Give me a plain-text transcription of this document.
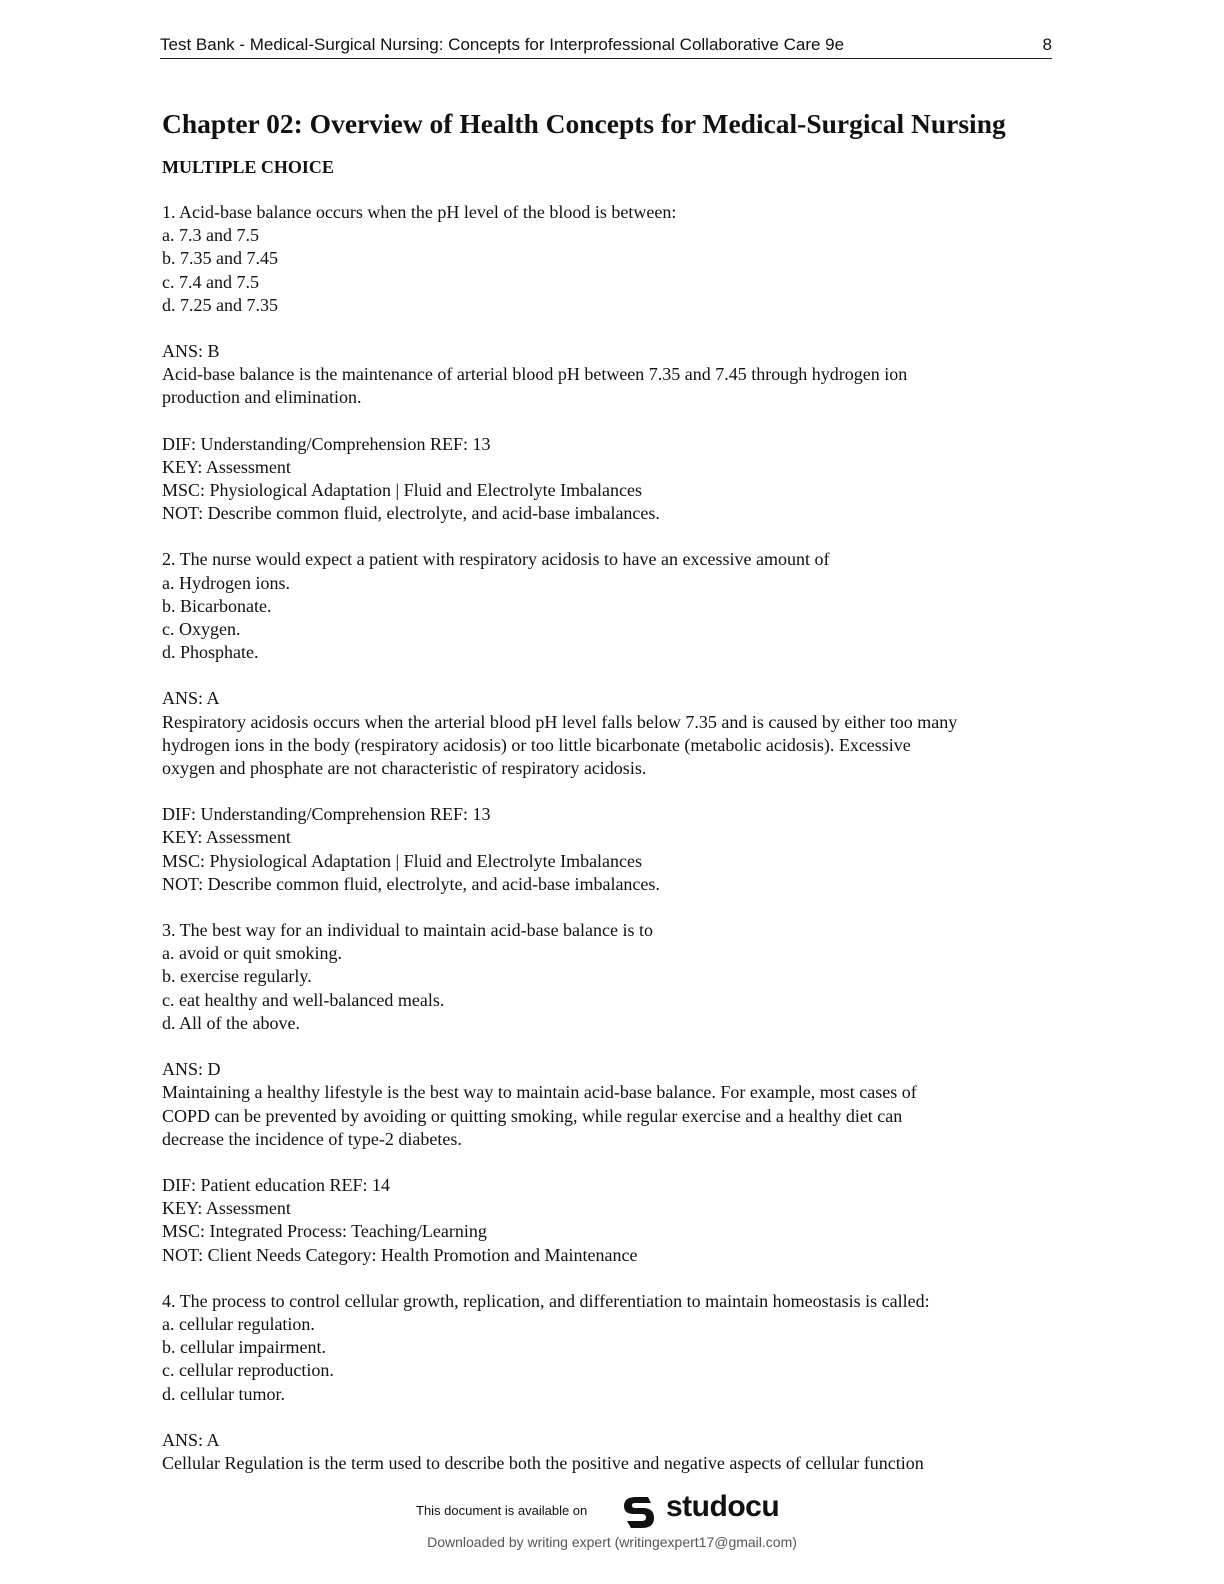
Test Bank - Medical-Surgical Nursing: Concepts for Interprofessional Collaborative Care 9e	8
Chapter 02: Overview of Health Concepts for Medical-Surgical Nursing
MULTIPLE CHOICE
1. Acid-base balance occurs when the pH level of the blood is between:
a. 7.3 and 7.5
b. 7.35 and 7.45
c. 7.4 and 7.5
d. 7.25 and 7.35
ANS: B
Acid-base balance is the maintenance of arterial blood pH between 7.35 and 7.45 through hydrogen ion
production and elimination.
DIF: Understanding/Comprehension REF: 13
KEY: Assessment
MSC: Physiological Adaptation | Fluid and Electrolyte Imbalances
NOT: Describe common fluid, electrolyte, and acid-base imbalances.
2. The nurse would expect a patient with respiratory acidosis to have an excessive amount of
a. Hydrogen ions.
b. Bicarbonate.
c. Oxygen.
d. Phosphate.
ANS: A
Respiratory acidosis occurs when the arterial blood pH level falls below 7.35 and is caused by either too many
hydrogen ions in the body (respiratory acidosis) or too little bicarbonate (metabolic acidosis). Excessive
oxygen and phosphate are not characteristic of respiratory acidosis.
DIF: Understanding/Comprehension REF: 13
KEY: Assessment
MSC: Physiological Adaptation | Fluid and Electrolyte Imbalances
NOT: Describe common fluid, electrolyte, and acid-base imbalances.
3. The best way for an individual to maintain acid-base balance is to
a. avoid or quit smoking.
b. exercise regularly.
c. eat healthy and well-balanced meals.
d. All of the above.
ANS: D
Maintaining a healthy lifestyle is the best way to maintain acid-base balance. For example, most cases of
COPD can be prevented by avoiding or quitting smoking, while regular exercise and a healthy diet can
decrease the incidence of type-2 diabetes.
DIF: Patient education REF: 14
KEY: Assessment
MSC: Integrated Process: Teaching/Learning
NOT: Client Needs Category: Health Promotion and Maintenance
4. The process to control cellular growth, replication, and differentiation to maintain homeostasis is called:
a. cellular regulation.
b. cellular impairment.
c. cellular reproduction.
d. cellular tumor.
ANS: A
Cellular Regulation is the term used to describe both the positive and negative aspects of cellular function
This document is available on	studocu
Downloaded by writing expert (writingexpert17@gmail.com)
